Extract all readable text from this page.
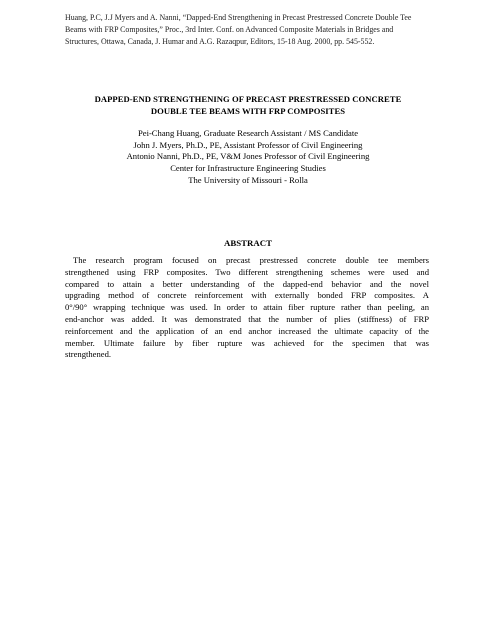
Huang, P.C, J.J Myers and A. Nanni, “Dapped-End Strengthening in Precast Prestressed Concrete Double Tee
Beams with FRP Composites,” Proc., 3rd Inter. Conf. on Advanced Composite Materials in Bridges and
Structures, Ottawa, Canada, J. Humar and A.G. Razaqpur, Editors, 15-18 Aug. 2000, pp. 545-552.
DAPPED-END STRENGTHENING OF PRECAST PRESTRESSED CONCRETE
DOUBLE TEE BEAMS WITH FRP COMPOSITES
Pei-Chang Huang, Graduate Research Assistant / MS Candidate
John J. Myers, Ph.D., PE, Assistant Professor of Civil Engineering
Antonio Nanni, Ph.D., PE, V&M Jones Professor of Civil Engineering
Center for Infrastructure Engineering Studies
The University of Missouri - Rolla
ABSTRACT
The research program focused on precast prestressed concrete double tee members
strengthened using FRP composites. Two different strengthening schemes were used and
compared to attain a better understanding of the dapped-end behavior and the novel
upgrading method of concrete reinforcement with externally bonded FRP composites. A
0°/90° wrapping technique was used. In order to attain fiber rupture rather than peeling, an
end-anchor was added. It was demonstrated that the number of plies (stiffness) of FRP
reinforcement and the application of an end anchor increased the ultimate capacity of the
member. Ultimate failure by fiber rupture was achieved for the specimen that was
strengthened.
